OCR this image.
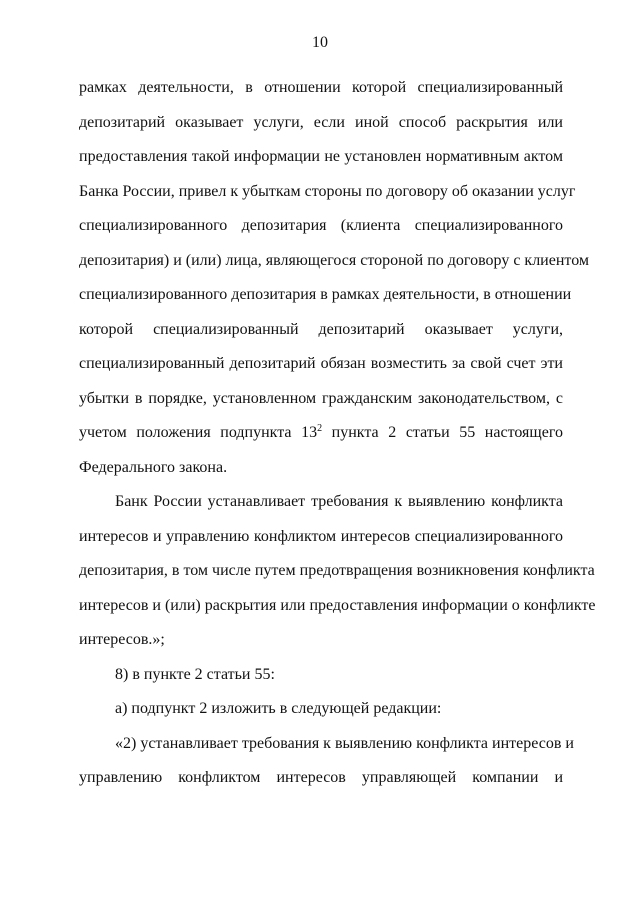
10
рамках деятельности, в отношении которой специализированный
депозитарий оказывает услуги, если иной способ раскрытия или
предоставления такой информации не установлен нормативным актом
Банка России, привел к убыткам стороны по договору об оказании услуг
специализированного депозитария (клиента специализированного
депозитария) и (или) лица, являющегося стороной по договору с клиентом
специализированного депозитария в рамках деятельности, в отношении
которой специализированный депозитарий оказывает услуги,
специализированный депозитарий обязан возместить за свой счет эти
убытки в порядке, установленном гражданским законодательством, с
учетом положения подпункта $13^2$ пункта 2 статьи 55 настоящего
Федерального закона.
Банк России устанавливает требования к выявлению конфликта
интересов и управлению конфликтом интересов специализированного
депозитария, в том числе путем предотвращения возникновения конфликта
интересов и (или) раскрытия или предоставления информации о конфликте
интересов.»;
8) в пункте 2 статьи 55:
а) подпункт 2 изложить в следующей редакции:
«2) устанавливает требования к выявлению конфликта интересов и
управлению конфликтом интересов управляющей компании и
